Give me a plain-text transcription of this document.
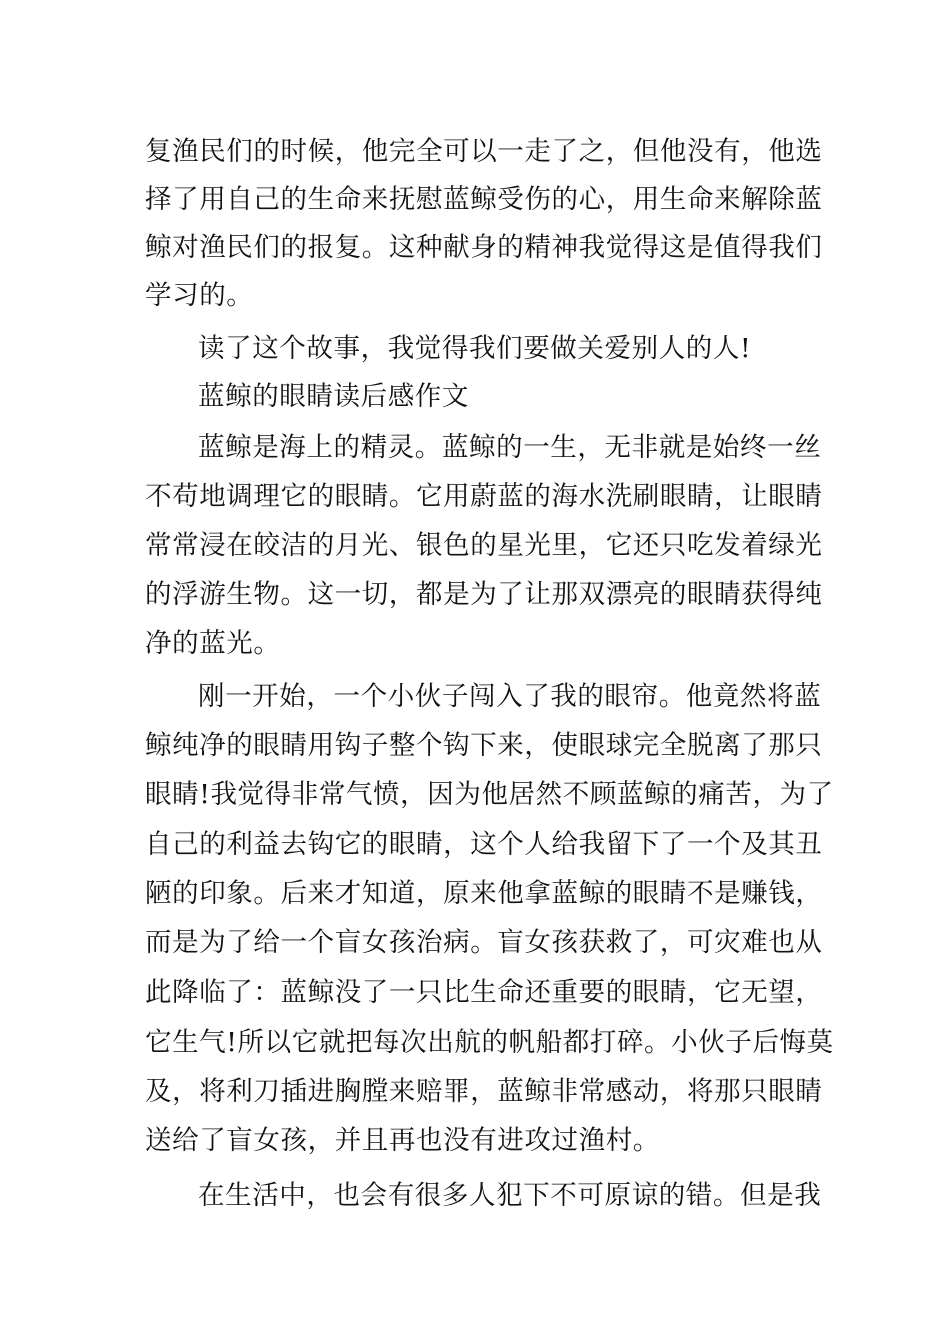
复渔民们的时候，他完全可以一走了之，但他没有，他选
择了用自己的生命来抚慰蓝鲸受伤的心，用生命来解除蓝
鲸对渔民们的报复。这种献身的精神我觉得这是值得我们
学习的。
读了这个故事，我觉得我们要做关爱别人的人!
蓝鲸的眼睛读后感作文
蓝鲸是海上的精灵。蓝鲸的一生，无非就是始终一丝
不苟地调理它的眼睛。它用蔚蓝的海水洗刷眼睛，让眼睛
常常浸在皎洁的月光、银色的星光里，它还只吃发着绿光
的浮游生物。这一切，都是为了让那双漂亮的眼睛获得纯
净的蓝光。
刚一开始，一个小伙子闯入了我的眼帘。他竟然将蓝
鲸纯净的眼睛用钩子整个钩下来，使眼球完全脱离了那只
眼睛!我觉得非常气愤，因为他居然不顾蓝鲸的痛苦，为了
自己的利益去钩它的眼睛，这个人给我留下了一个及其丑
陋的印象。后来才知道，原来他拿蓝鲸的眼睛不是赚钱，
而是为了给一个盲女孩治病。盲女孩获救了，可灾难也从
此降临了：蓝鲸没了一只比生命还重要的眼睛，它无望，
它生气!所以它就把每次出航的帆船都打碎。小伙子后悔莫
及，将利刀插进胸膛来赔罪，蓝鲸非常感动，将那只眼睛
送给了盲女孩，并且再也没有进攻过渔村。
在生活中，也会有很多人犯下不可原谅的错。但是我
